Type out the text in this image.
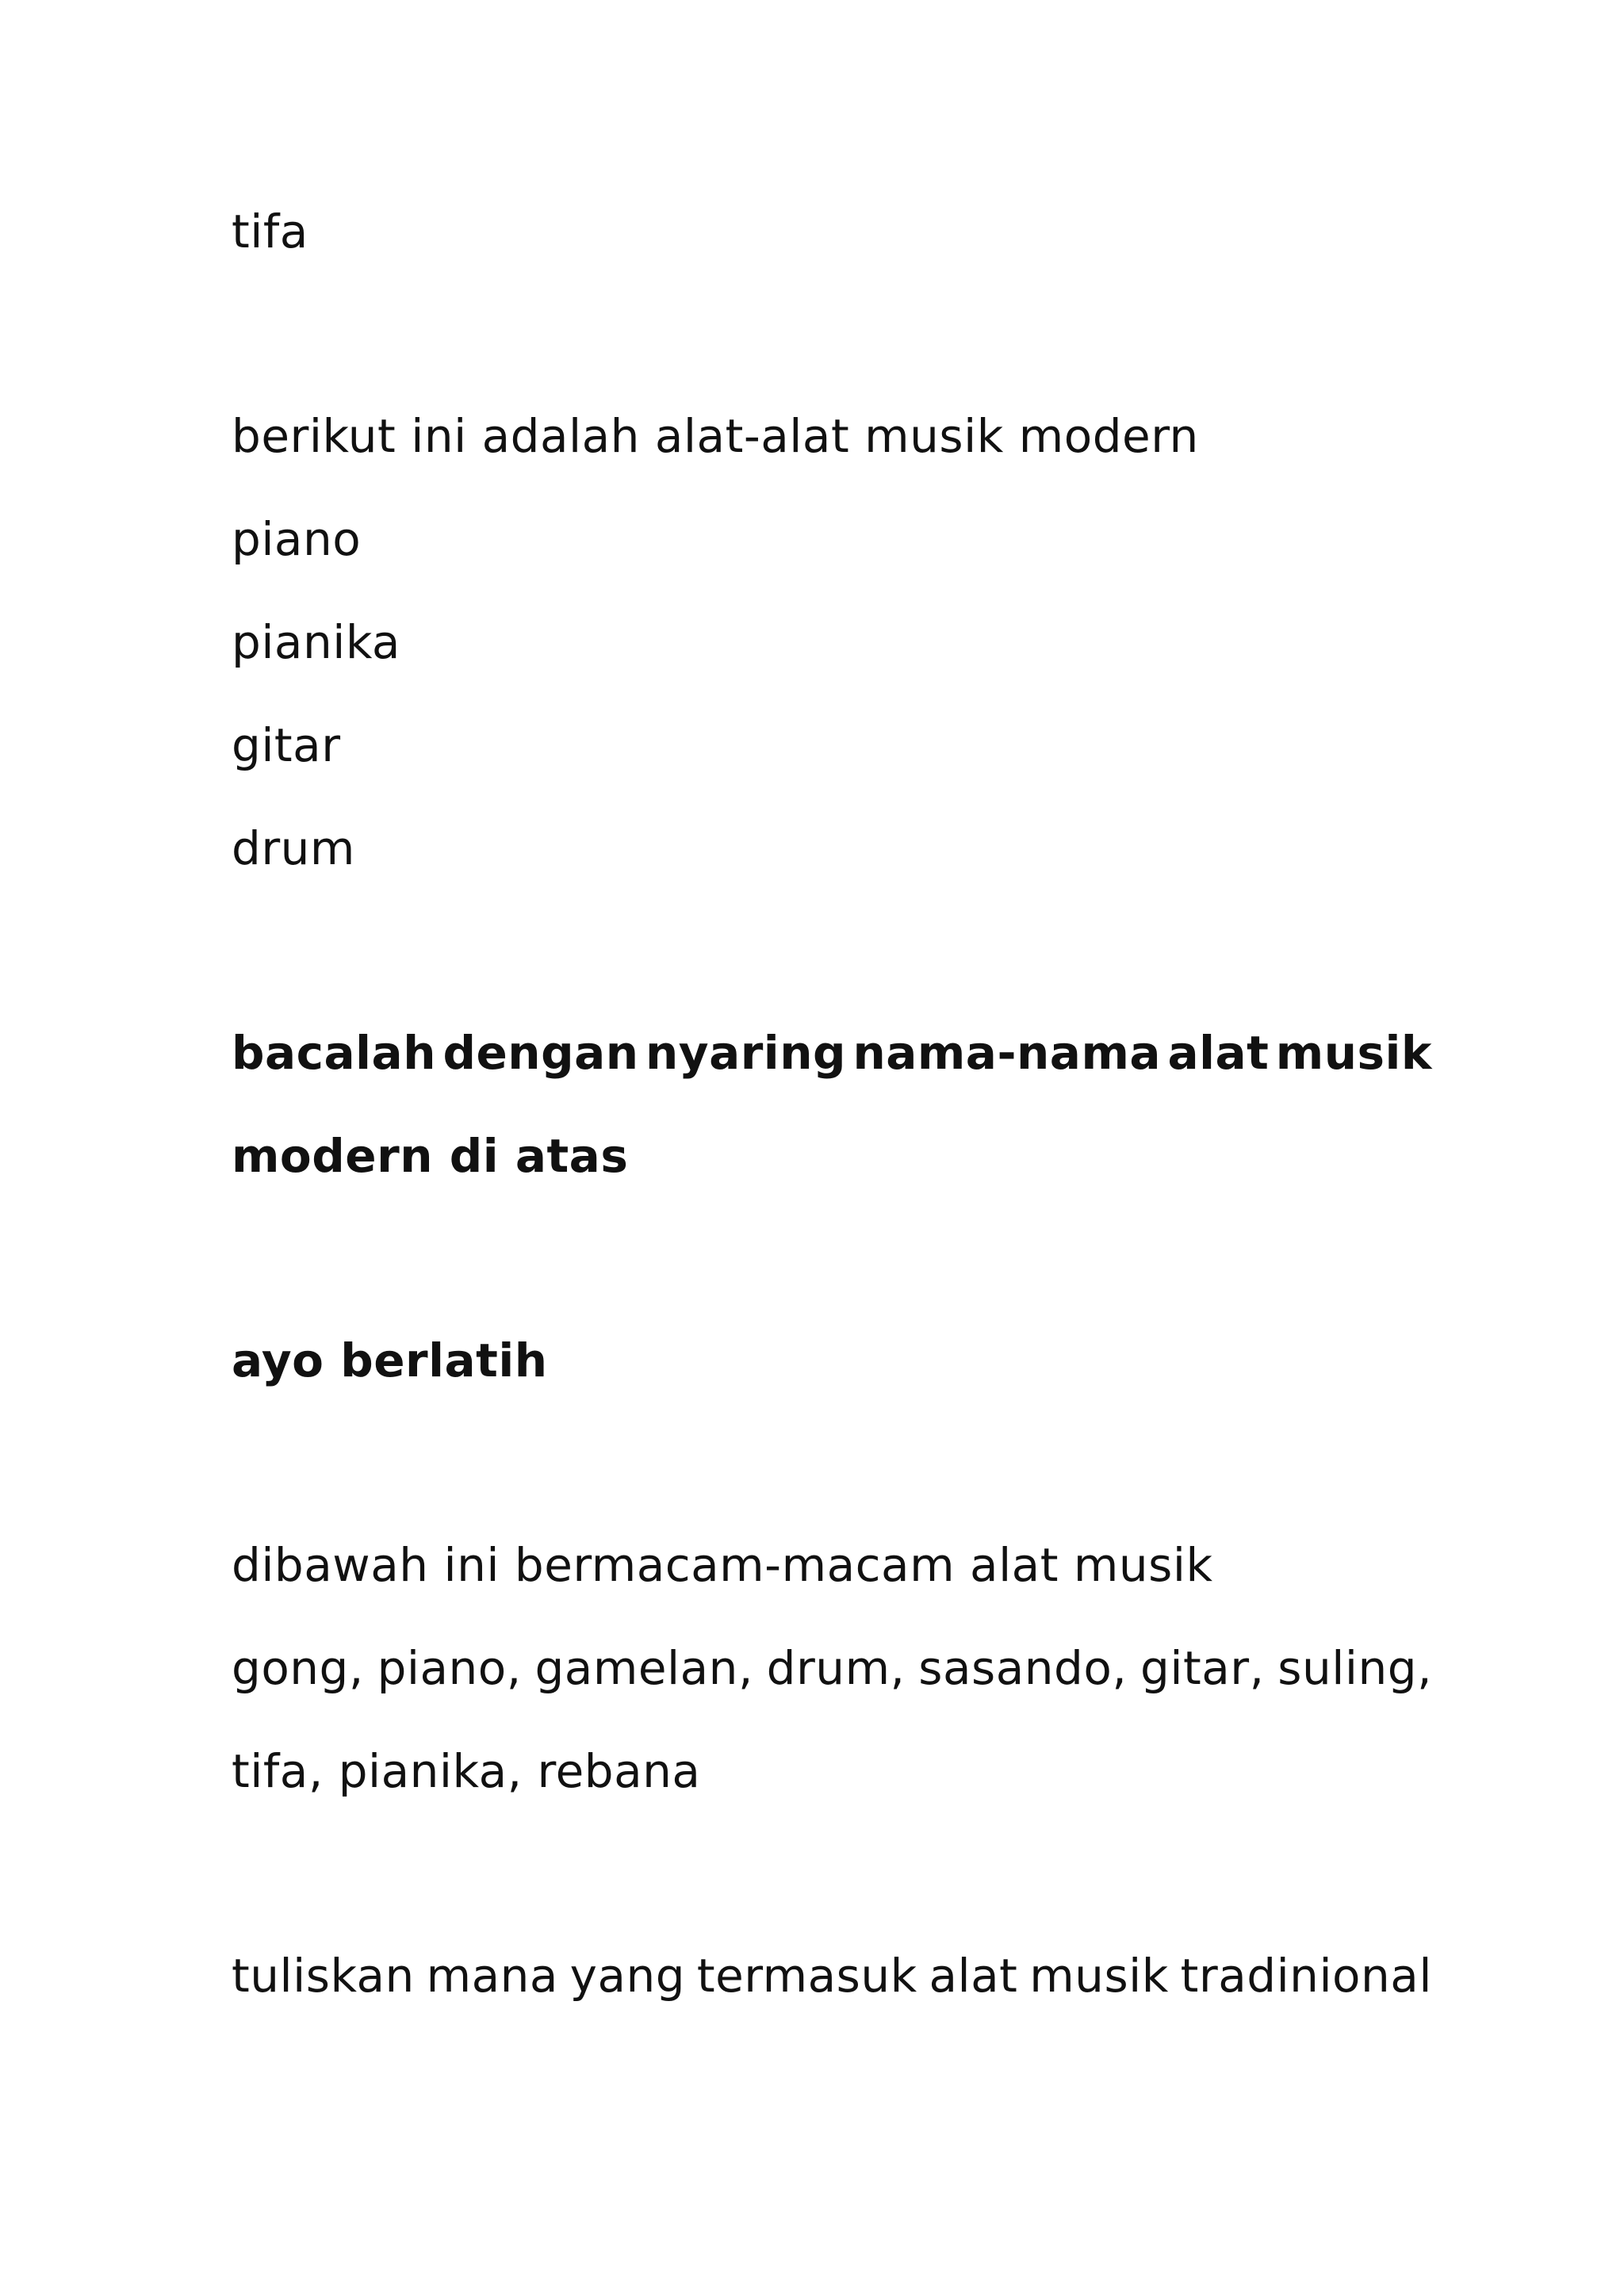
tifa
berikut ini adalah alat-alat musik modern
piano
pianika
gitar
drum
bacalah dengan nyaring nama-nama alat musik
modern di atas
ayo berlatih
dibawah ini bermacam-macam alat musik
gong, piano, gamelan, drum, sasando, gitar, suling,
tifa, pianika, rebana
tuliskan mana yang termasuk alat musik tradinional
